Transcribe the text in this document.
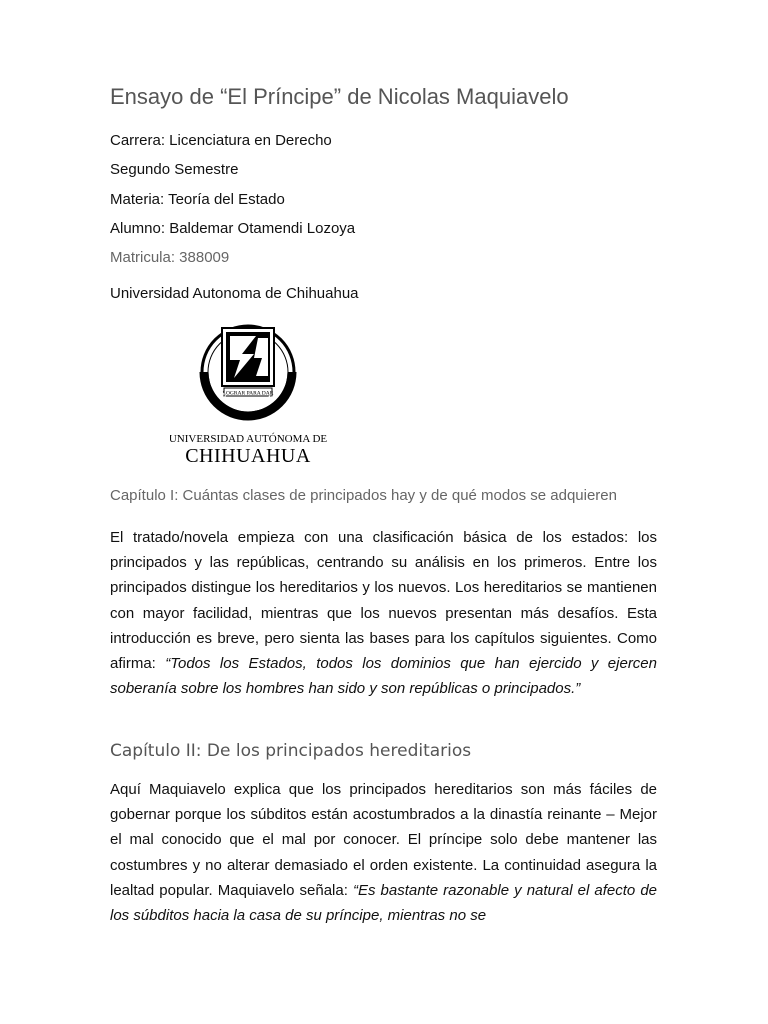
Ensayo de “El Príncipe” de Nicolas Maquiavelo
Carrera: Licenciatura en Derecho
Segundo Semestre
Materia: Teoría del Estado
Alumno: Baldemar Otamendi Lozoya
Matricula: 388009
Universidad Autonoma de Chihuahua
LOGRAR PARA DAR
SIDAD AUTONOMA DE CHIH
UNIVERSIDAD AUTÓNOMA DE
CHIHUAHUA
Capítulo I: Cuántas clases de principados hay y de qué modos se adquieren

El tratado/novela empieza con una clasificación básica de los estados: los principados y las repúblicas, centrando su análisis en los primeros. Entre los principados distingue los hereditarios y los nuevos. Los hereditarios se mantienen con mayor facilidad, mientras que los nuevos presentan más desafíos. Esta introducción es breve, pero sienta las bases para los capítulos siguientes. Como afirma: “Todos los Estados, todos los dominios que han ejercido y ejercen soberanía sobre los hombres han sido y son repúblicas o principados.”

Capítulo II: De los principados hereditarios

Aquí Maquiavelo explica que los principados hereditarios son más fáciles de gobernar porque los súbditos están acostumbrados a la dinastía reinante – Mejor el mal conocido que el mal por conocer. El príncipe solo debe mantener las costumbres y no alterar demasiado el orden existente. La continuidad asegura la lealtad popular. Maquiavelo señala: “Es bastante razonable y natural el afecto de los súbditos hacia la casa de su príncipe, mientras no se
